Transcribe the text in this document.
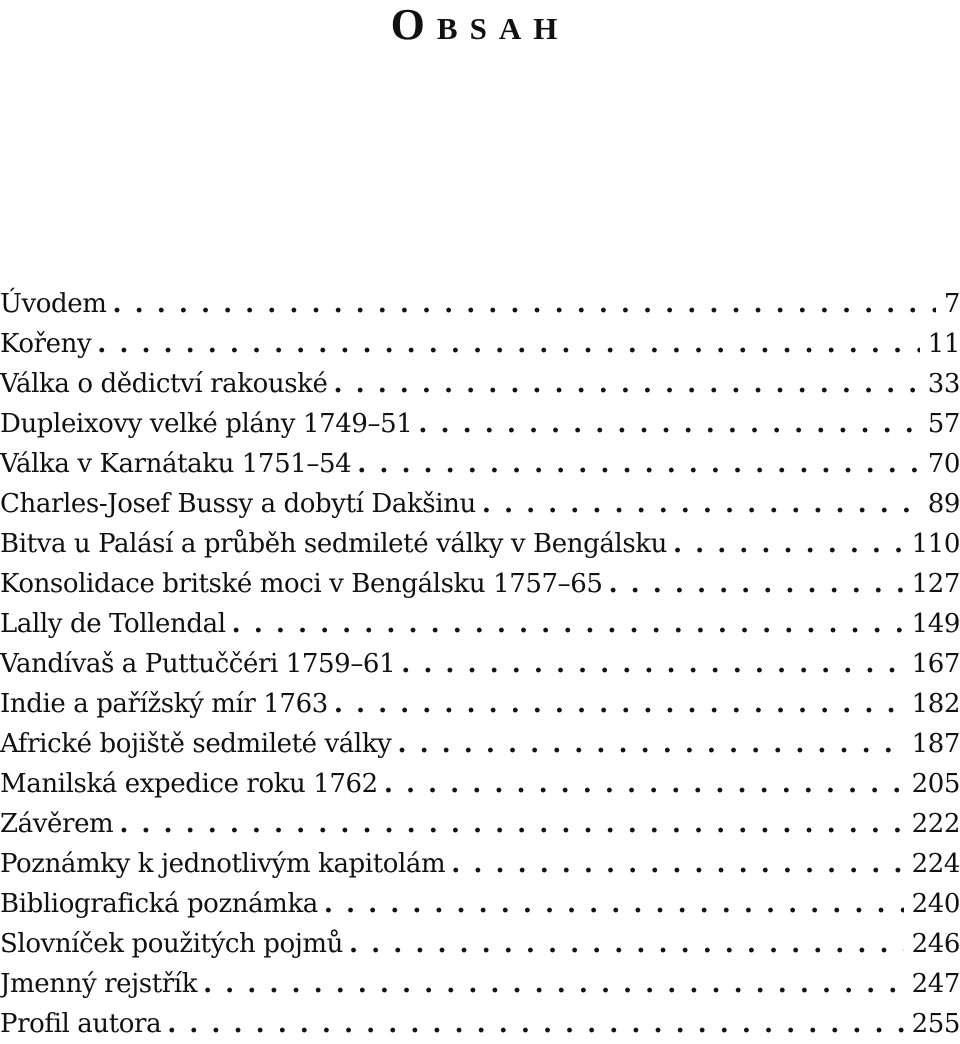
Obsah
Úvodem . . .	7
Kořeny . . .	11
Válka o dědictví rakouské . . .	33
Dupleixovy velké plány 1749–51 . . .	57
Válka v Karnátaku 1751–54 . . .	70
Charles-Josef Bussy a dobytí Dakšinu . . .	89
Bitva u Palásí a průběh sedmileté války v Bengálsku . . .	110
Konsolidace britské moci v Bengálsku 1757–65 . . .	127
Lally de Tollendal . . .	149
Vandívaš a Puttuččéri 1759–61 . . .	167
Indie a pařížský mír 1763 . . .	182
Africké bojiště sedmileté války . . .	187
Manilská expedice roku 1762 . . .	205
Závěrem . . .	222
Poznámky k jednotlivým kapitolám . . .	224
Bibliografická poznámka . . .	240
Slovníček použitých pojmů . . .	246
Jmenný rejstřík . . .	247
Profil autora . . .	255
